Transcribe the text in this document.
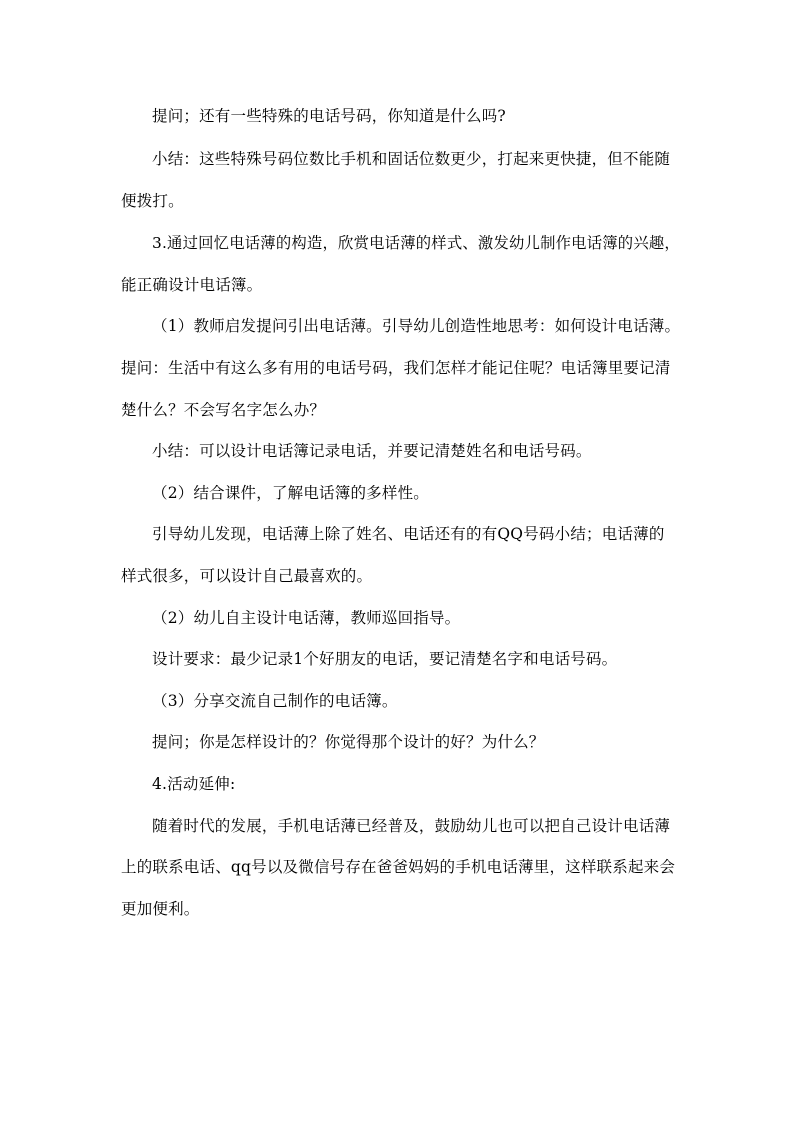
提问；还有一些特殊的电话号码，你知道是什么吗?
小结：这些特殊号码位数比手机和固话位数更少，打起来更快捷，但不能随
便拨打。
3.通过回忆电话薄的构造，欣赏电话薄的样式、激发幼儿制作电话簿的兴趣，
能正确设计电话簿。
（1）教师启发提问引出电话薄。引导幼儿创造性地思考：如何设计电话薄。
提问：生活中有这么多有用的电话号码，我们怎样才能记住呢？电话簿里要记清
楚什么？不会写名字怎么办？
小结：可以设计电话簿记录电话，并要记清楚姓名和电话号码。
（2）结合课件，了解电话簿的多样性。
引导幼儿发现，电话薄上除了姓名、电话还有的有QQ号码小结；电话薄的
样式很多，可以设计自己最喜欢的。
（2）幼儿自主设计电话薄，教师巡回指导。
设计要求：最少记录1个好朋友的电话，要记清楚名字和电话号码。
（3）分享交流自己制作的电话簿。
提问；你是怎样设计的？你觉得那个设计的好？为什么？
4.活动延伸:
随着时代的发展，手机电话薄已经普及，鼓励幼儿也可以把自己设计电话薄
上的联系电话、qq号以及微信号存在爸爸妈妈的手机电话薄里，这样联系起来会
更加便利。
